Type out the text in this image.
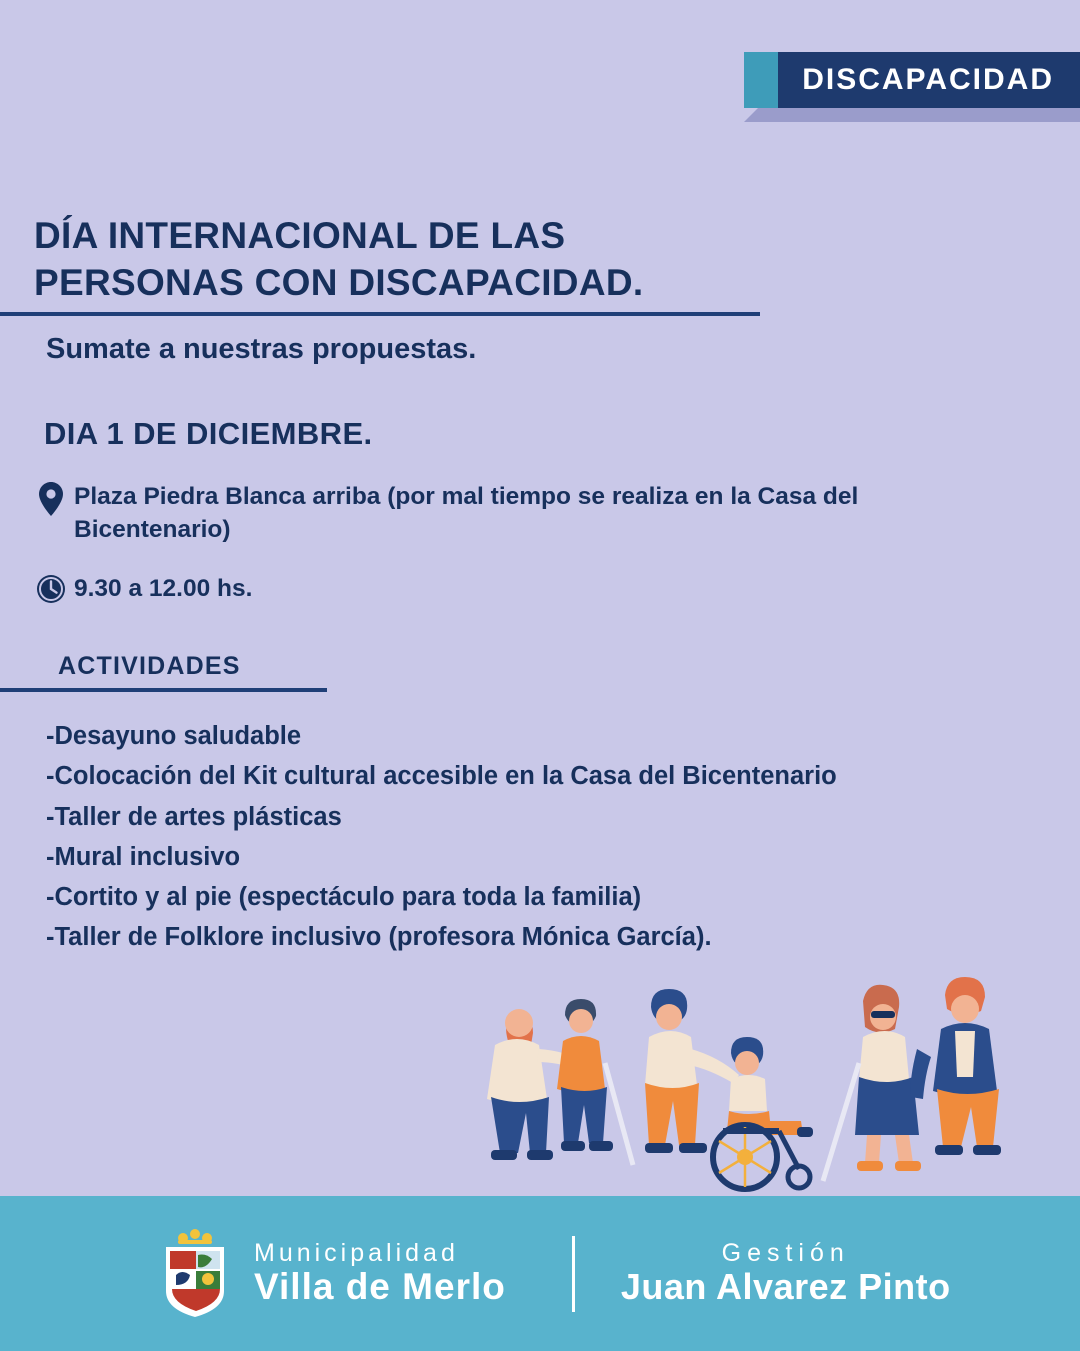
DISCAPACIDAD
DÍA INTERNACIONAL DE LAS
PERSONAS CON DISCAPACIDAD.
Sumate a nuestras propuestas.
DIA 1 DE DICIEMBRE.
Plaza Piedra Blanca arriba (por mal tiempo se realiza en la Casa del Bicentenario)
9.30 a 12.00 hs.
ACTIVIDADES
-Desayuno saludable
-Colocación del Kit cultural accesible en la Casa del Bicentenario
-Taller de artes plásticas
-Mural inclusivo
-Cortito y al pie (espectáculo para toda la familia)
-Taller de Folklore inclusivo (profesora Mónica García).
Municipalidad
Villa de Merlo
Gestión
Juan Alvarez Pinto
